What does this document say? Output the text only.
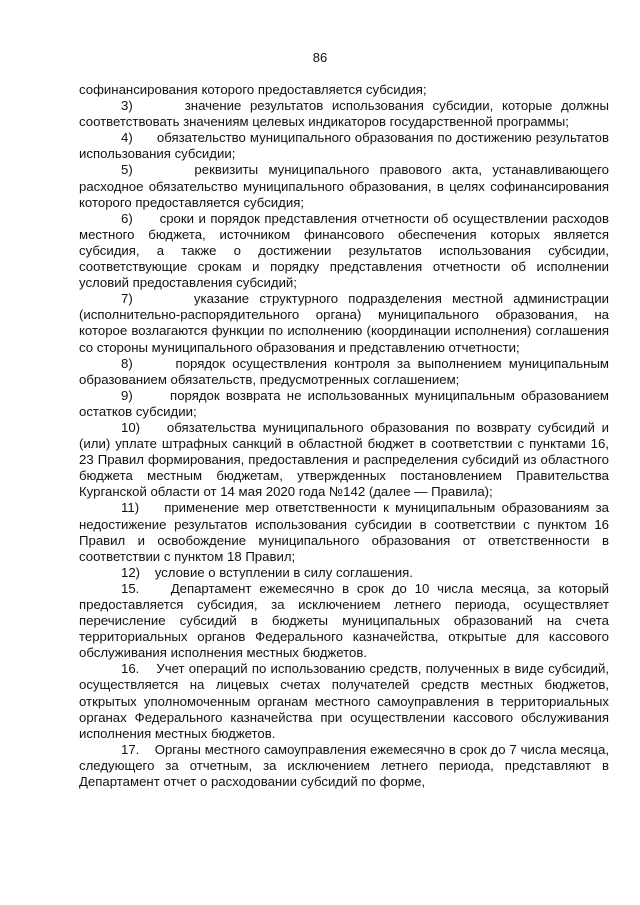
86

софинансирования которого предоставляется субсидия;

3)      значение результатов использования субсидии, которые должны соответствовать значениям целевых индикаторов государственной программы;

4)      обязательство муниципального образования по достижению результатов использования субсидии;

5)      реквизиты муниципального правового акта, устанавливающего расходное обязательство муниципального образования, в целях софинансирования которого предоставляется субсидия;

6)      сроки и порядок представления отчетности об осуществлении расходов местного бюджета, источником финансового обеспечения которых является субсидия, а также о достижении результатов использования субсидии, соответствующие срокам и порядку представления отчетности об исполнении условий предоставления субсидий;

7)      указание структурного подразделения местной администрации (исполнительно-распорядительного органа) муниципального образования, на которое возлагаются функции по исполнению (координации исполнения) соглашения со стороны муниципального образования и представлению отчетности;

8)      порядок осуществления контроля за выполнением муниципальным образованием обязательств, предусмотренных соглашением;

9)      порядок возврата не использованных муниципальным образованием остатков субсидии;

10)    обязательства муниципального образования по возврату субсидий и (или) уплате штрафных санкций в областной бюджет в соответствии с пунктами 16, 23 Правил формирования, предоставления и распределения субсидий из областного бюджета местным бюджетам, утвержденных постановлением Правительства Курганской области от 14 мая 2020 года №142 (далее — Правила);

11)    применение мер ответственности к муниципальным образованиям за недостижение результатов использования субсидии в соответствии с пунктом 16 Правил и освобождение муниципального образования от ответственности в соответствии с пунктом 18 Правил;

12)    условие о вступлении в силу соглашения.

15.    Департамент ежемесячно в срок до 10 числа месяца, за который предоставляется субсидия, за исключением летнего периода, осуществляет перечисление субсидий в бюджеты муниципальных образований на счета территориальных органов Федерального казначейства, открытые для кассового обслуживания исполнения местных бюджетов.

16.    Учет операций по использованию средств, полученных в виде субсидий, осуществляется на лицевых счетах получателей средств местных бюджетов, открытых уполномоченным органам местного самоуправления в территориальных органах Федерального казначейства при осуществлении кассового обслуживания исполнения местных бюджетов.

17.    Органы местного самоуправления ежемесячно в срок до 7 числа месяца, следующего за отчетным, за исключением летнего периода, представляют в Департамент отчет о расходовании субсидий по форме,
